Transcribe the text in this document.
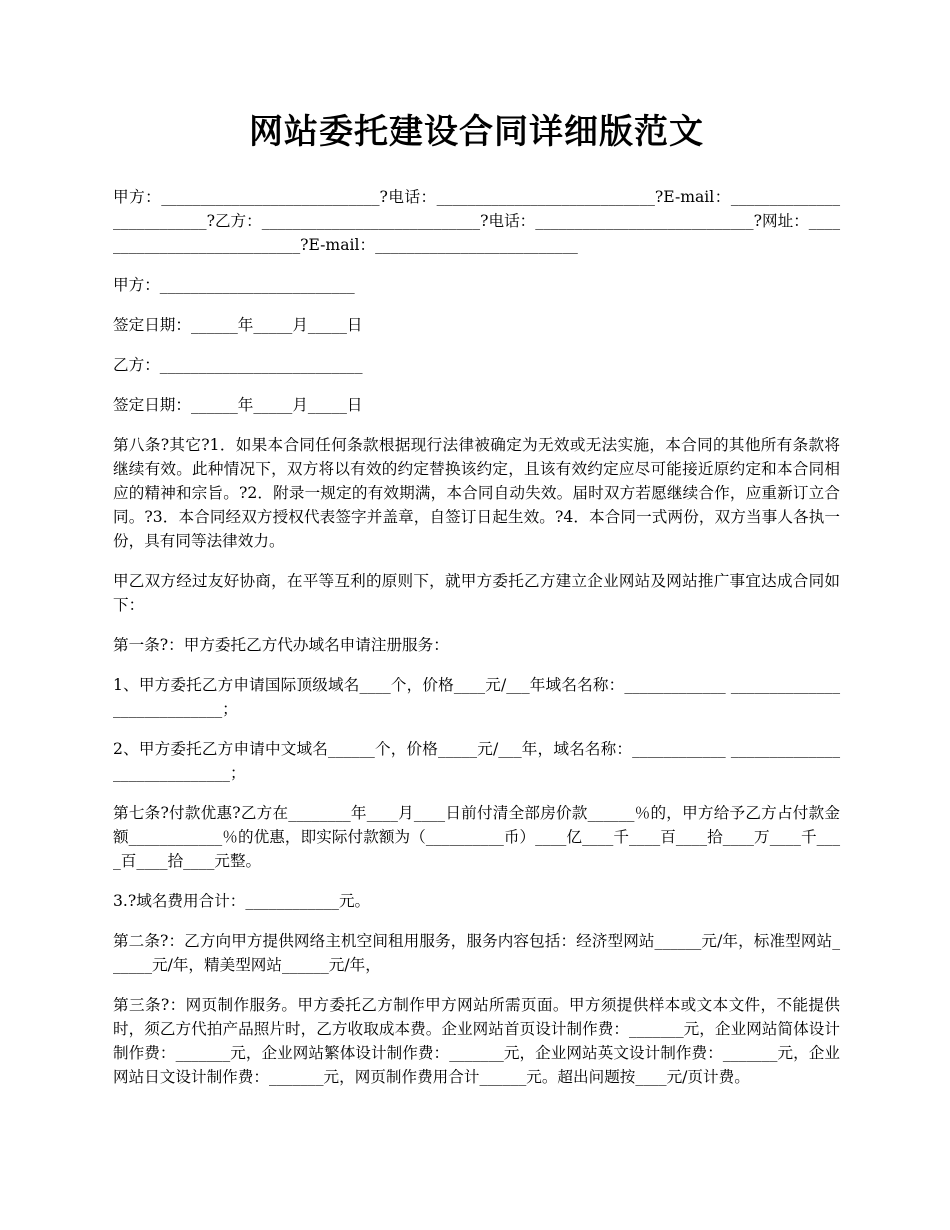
网站委托建设合同详细版范文

甲方：____________________________?电话：____________________________?E-mail：__________________________?乙方：____________________________?电话：____________________________?网址：____________________________?E-mail：__________________________

甲方：_________________________

签定日期：______年_____月_____日

乙方：__________________________

签定日期：______年_____月_____日

第八条?其它?1．如果本合同任何条款根据现行法律被确定为无效或无法实施，本合同的其他所有条款将继续有效。此种情况下，双方将以有效的约定替换该约定，且该有效约定应尽可能接近原约定和本合同相应的精神和宗旨。?2．附录一规定的有效期满，本合同自动失效。届时双方若愿继续合作，应重新订立合同。?3．本合同经双方授权代表签字并盖章，自签订日起生效。?4．本合同一式两份，双方当事人各执一份，具有同等法律效力。

甲乙双方经过友好协商，在平等互利的原则下，就甲方委托乙方建立企业网站及网站推广事宜达成合同如下：

第一条?：甲方委托乙方代办域名申请注册服务：

1、甲方委托乙方申请国际顶级域名____个，价格____元/___年域名名称：_____________ ____________________________；

2、甲方委托乙方申请中文域名______个，价格_____元/___年，域名名称：____________ _____________________________；

第七条?付款优惠?乙方在________年____月____日前付清全部房价款______％的，甲方给予乙方占付款金额____________％的优惠，即实际付款额为（__________币）____亿____千____百____拾____万____千____百____拾____元整。

3.?域名费用合计：____________元。

第二条?：乙方向甲方提供网络主机空间租用服务，服务内容包括：经济型网站______元/年，标准型网站______元/年，精美型网站______元/年，

第三条?：网页制作服务。甲方委托乙方制作甲方网站所需页面。甲方须提供样本或文本文件，不能提供时，须乙方代拍产品照片时，乙方收取成本费。企业网站首页设计制作费：_______元，企业网站简体设计制作费：_______元，企业网站繁体设计制作费：_______元，企业网站英文设计制作费：_______元，企业网站日文设计制作费：_______元，网页制作费用合计______元。超出问题按____元/页计费。
